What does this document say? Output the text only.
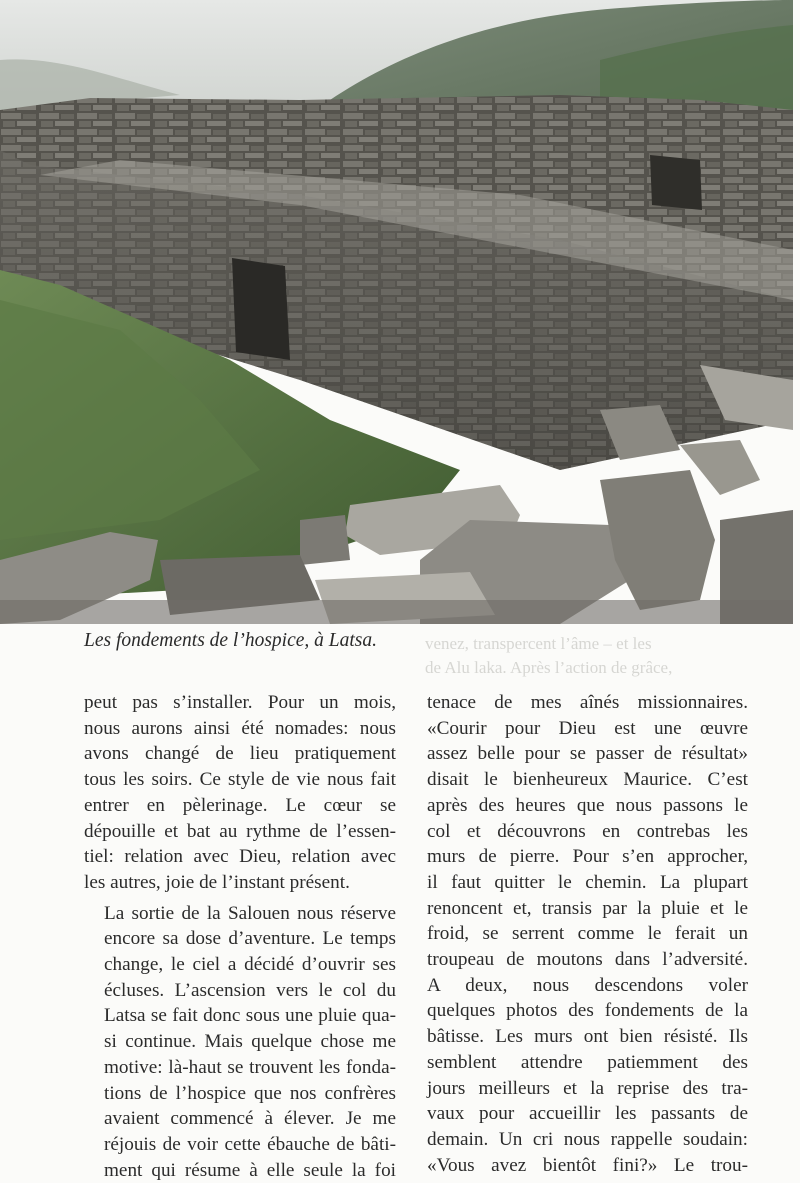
Les fondements de l’hospice, à Latsa.	venez, transpercent l’âme – et les
de Alu laka. Après l’action de grâce,

peut pas s’installer. Pour un mois,
nous aurons ainsi été nomades: nous
avons changé de lieu pratiquement
tous les soirs. Ce style de vie nous fait
entrer en pèlerinage. Le cœur se
dépouille et bat au rythme de l’essen-
tiel: relation avec Dieu, relation avec
les autres, joie de l’instant présent.

La sortie de la Salouen nous réserve
encore sa dose d’aventure. Le temps
change, le ciel a décidé d’ouvrir ses
écluses. L’ascension vers le col du
Latsa se fait donc sous une pluie qua-
si continue. Mais quelque chose me
motive: là-haut se trouvent les fonda-
tions de l’hospice que nos confrères
avaient commencé à élever. Je me
réjouis de voir cette ébauche de bâti-
ment qui résume à elle seule la foi

tenace de mes aînés missionnaires.
«Courir pour Dieu est une œuvre
assez belle pour se passer de résultat»
disait le bienheureux Maurice. C’est
après des heures que nous passons le
col et découvrons en contrebas les
murs de pierre. Pour s’en approcher,
il faut quitter le chemin. La plupart
renoncent et, transis par la pluie et le
froid, se serrent comme le ferait un
troupeau de moutons dans l’adversité.
A deux, nous descendons voler
quelques photos des fondements de la
bâtisse. Les murs ont bien résisté. Ils
semblent attendre patiemment des
jours meilleurs et la reprise des tra-
vaux pour accueillir les passants de
demain. Un cri nous rappelle soudain:
«Vous avez bientôt fini?» Le trou-
